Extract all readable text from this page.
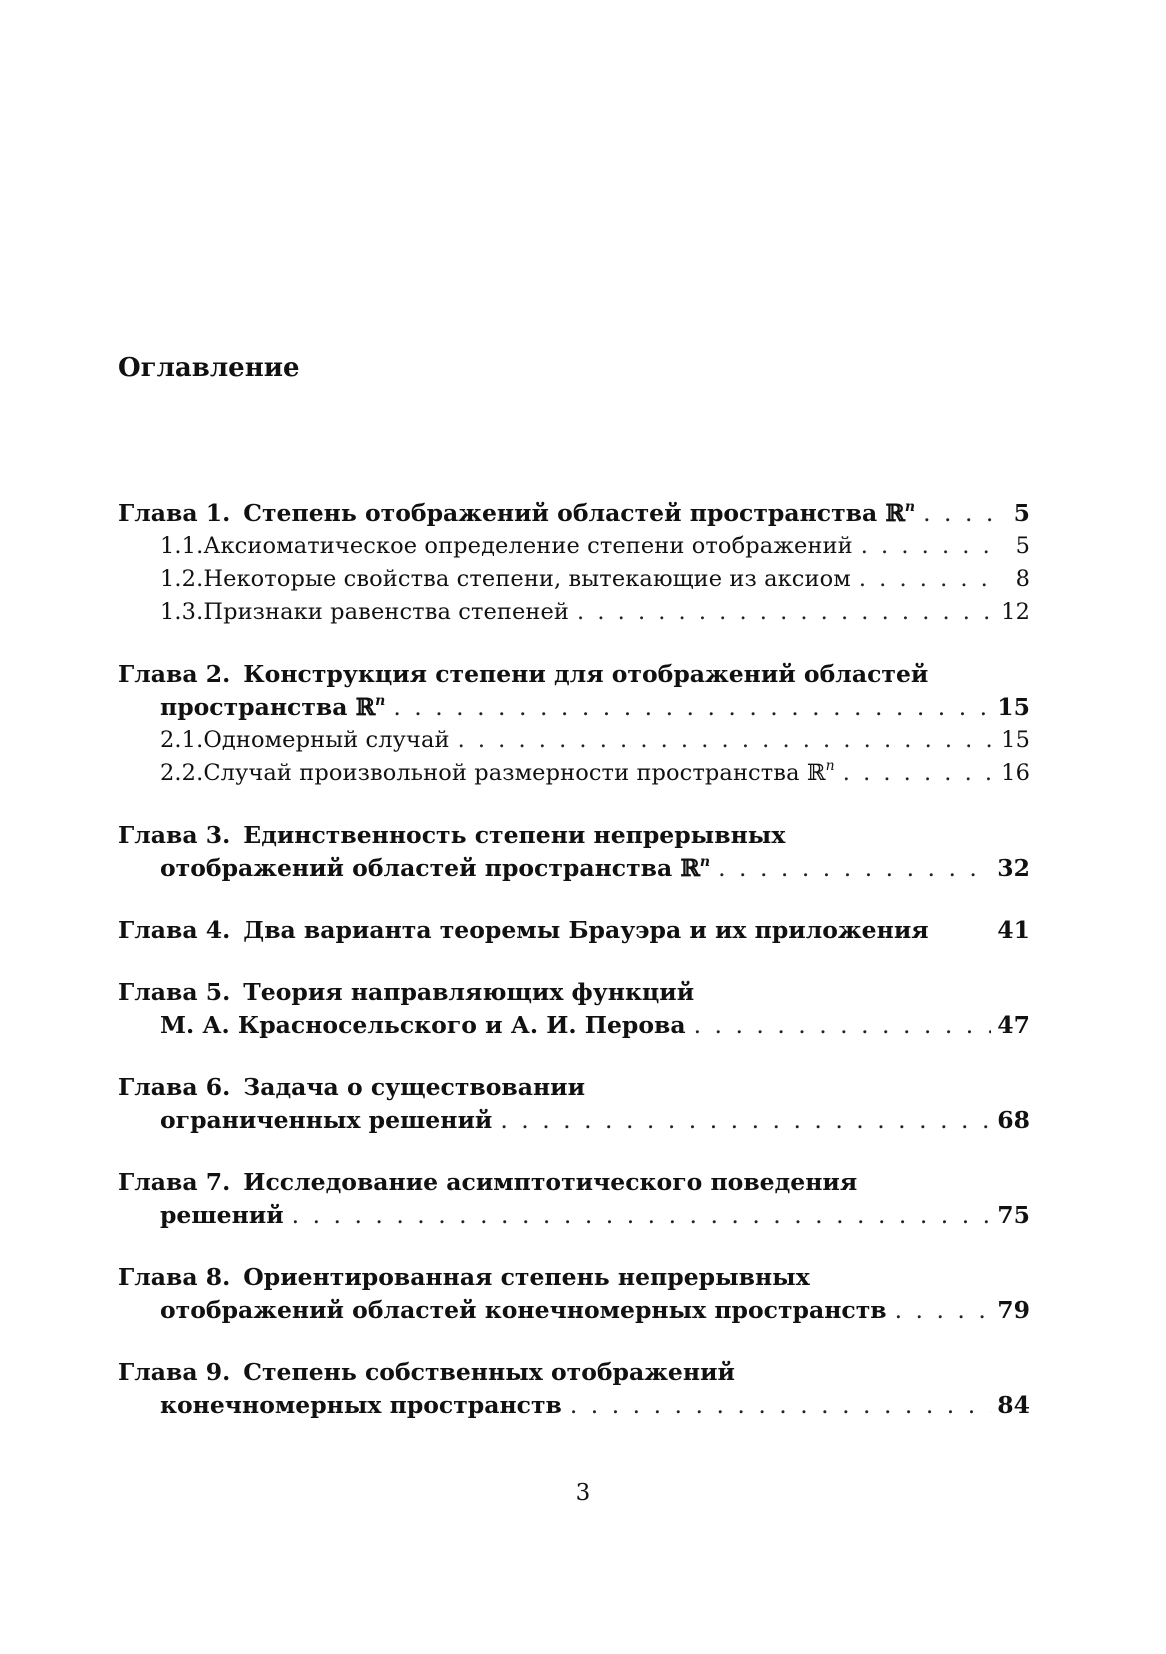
Оглавление
Глава 1. Степень отображений областей пространства ℝ$^n$ . . .	5
1.1. Аксиоматическое определение степени отображений . . .	5
1.2. Некоторые свойства степени, вытекающие из аксиом . . .	8
1.3. Признаки равенства степеней . . .	12
Глава 2. Конструкция степени для отображений областей
пространства ℝ$^n$ . . .	15
2.1. Одномерный случай . . .	15
2.2. Случай произвольной размерности пространства ℝ$^n$ . . .	16
Глава 3. Единственность степени непрерывных
отображений областей пространства ℝ$^n$ . . .	32
Глава 4. Два варианта теоремы Брауэра и их приложения	41
Глава 5. Теория направляющих функций
М. А. Красносельского и А. И. Перова . . .	47
Глава 6. Задача о существовании
ограниченных решений . . .	68
Глава 7. Исследование асимптотического поведения
решений . . .	75
Глава 8. Ориентированная степень непрерывных
отображений областей конечномерных пространств . . .	79
Глава 9. Степень собственных отображений
конечномерных пространств . . .	84
3
